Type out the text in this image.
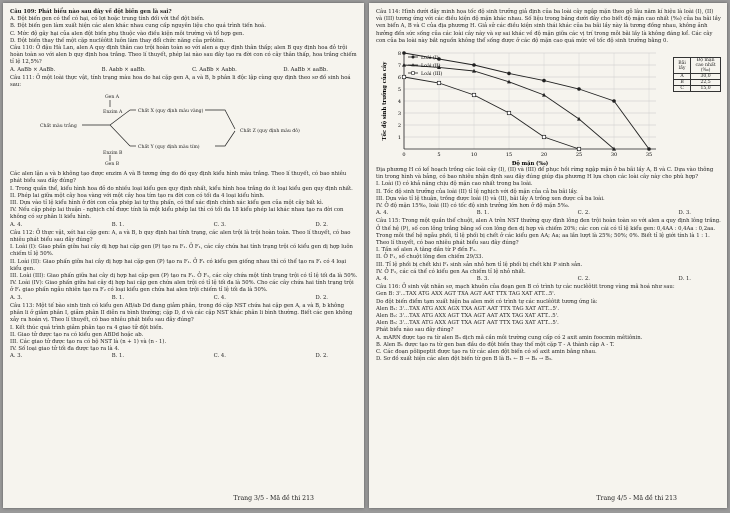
Câu 109: Phát biểu nào sau đây về đột biến gen là sai?

A. Đột biến gen có thể có hại, có lợi hoặc trung tính đối với thể đột biến.

B. Đột biến gen làm xuất hiện các alen khác nhau cung cấp nguyên liệu cho quá trình tiến hoá.

C. Mức độ gây hại của alen đột biến phụ thuộc vào điều kiện môi trường và tổ hợp gen.

D. Đột biến thay thế một cặp nuclêôtit luôn làm thay đổi chức năng của prôtêin.

Câu 110: Ở đậu Hà Lan, alen A quy định thân cao trội hoàn toàn so với alen a quy định thân thấp; alen B quy định hoa đỏ trội hoàn toàn so với alen b quy định hoa trắng. Theo lí thuyết, phép lai nào sau đây tạo ra đời con có cây thân thấp, hoa trắng chiếm tỉ lệ 12,5%?

A. AaBb × AaBb.	B. Aabb × aaBb.	C. AaBb × Aabb.	D. AaBb × aaBb.

Câu 111: Ở một loài thực vật, tính trạng màu hoa do hai cặp gen A, a và B, b phân li độc lập cùng quy định theo sơ đồ sinh hoá sau:

Gen A
Enzim A	Chất X (quy định màu vàng)
Chất Z (quy định màu đỏ)
Chất màu trắng
Chất Y (quy định màu tím)
Enzim B
Gen B

Các alen lặn a và b không tạo được enzim A và B tương ứng do đó quy định kiểu hình màu trắng. Theo lí thuyết, có bao nhiêu phát biểu sau đây đúng?

I. Trong quần thể, kiểu hình hoa đỏ do nhiều loại kiểu gen quy định nhất, kiểu hình hoa trắng do ít loại kiểu gen quy định nhất.

II. Phép lai giữa một cây hoa vàng với một cây hoa tím tạo ra đời con có tối đa 4 loại kiểu hình.

III. Dựa vào tỉ lệ kiểu hình ở đời con của phép lai tự thụ phấn, có thể xác định chính xác kiểu gen của một cây bất kì.

IV. Nếu cặp phép lai thuận - nghịch chỉ được tính là một kiểu phép lai thì có tối đa 18 kiểu phép lai khác nhau tạo ra đời con không có sự phân li kiểu hình.

A. 4.	B. 1.	C. 3.	D. 2.

Câu 112: Ở thực vật, xét hai cặp gen: A, a và B, b quy định hai tính trạng, các alen trội là trội hoàn toàn. Theo lí thuyết, có bao nhiêu phát biểu sau đây đúng?

I. Loài (I): Giao phấn giữa hai cây dị hợp hai cặp gen (P) tạo ra F₁. Ở F₁, các cây chứa hai tính trạng trội có kiểu gen dị hợp luôn chiếm tỉ lệ 50%.

II. Loài (II): Giao phấn giữa hai cây dị hợp hai cặp gen (P) tạo ra F₁. Ở F₁ có kiểu gen giống nhau thì có thể tạo ra F₁ có 4 loại kiểu gen.

III. Loài (III): Giao phấn giữa hai cây dị hợp hai cặp gen (P) tạo ra F₁. Ở F₁, các cây chứa một tính trạng trội có tỉ lệ tối đa là 50%.

IV. Loài (IV): Giao phấn giữa hai cây dị hợp hai cặp gen chứa alen trội có tỉ lệ tối đa là 50%. Cho các cây chứa hai tính trạng trội ở F₁ giao phấn ngẫu nhiên tạo ra F₂ có loại kiểu gen chứa hai alen trội chiếm tỉ lệ tối đa là 50%.

A. 3.	B. 1.	C. 4.	D. 2.

Câu 113: Một tế bào sinh tinh có kiểu gen AB/ab Dd đang giảm phân, trong đó cặp NST chứa hai cặp gen A, a và B, b không phân li ở giảm phân I, giảm phân II diễn ra bình thường; cặp D, d và các cặp NST khác phân li bình thường. Biết các gen không xảy ra hoán vị. Theo lí thuyết, có bao nhiêu phát biểu sau đây đúng?

I. Kết thúc quá trình giảm phân tạo ra 4 giao tử đột biến.

II. Giao tử được tạo ra có kiểu gen ABDd hoặc ab.

III. Các giao tử được tạo ra có bộ NST là (n + 1) và (n - 1).

IV. Số loại giao tử tối đa được tạo ra là 4.

A. 3.	B. 1.	C. 4.	D. 2.

Trang 3/5 - Mã đề thi 213

Câu 114: Hình dưới đây minh họa tốc độ sinh trưởng giả định của ba loài cây ngập mặn theo gỗ lâu năm kí hiệu là loài (I), (II) và (III) tương ứng với các điều kiện độ mặn khác nhau. Số liệu trong bảng dưới đây cho biết độ mặn cao nhất (‰) của ba bãi lầy ven biển A, B và C của địa phương H. Giả sử các điều kiện sinh thái khác của ba bãi lầy này là tương đồng nhau, không ảnh hưởng đến sức sống của các loài cây này và sự sai khác về độ mặn giữa các vị trí trong mỗi bãi lầy là không đáng kể. Các cây con của ba loài này bắt nguồn không thể sống được ở các độ mặn cao quá mức về tốc độ sinh trưởng bằng 0.

1
2
3
4
5
6
7
8
0	5	10	15	20	25	30	35
Độ mặn (‰)
Tốc độ sinh trưởng của cây
Loài (I)
Loài (II)
Loài (III)
Bãi lầy	Độ mặn cao nhất (‰)
A	30,0
B	22,5
C	15,0

Địa phương H có kế hoạch trồng các loài cây (I), (II) và (III) để phục hồi rừng ngập mặn ở ba bãi lầy A, B và C. Dựa vào thông tin trong hình và bảng, có bao nhiêu nhận định sau đây đúng giúp địa phương H lựa chọn các loài cây này cho phù hợp?

I. Loài (I) có khả năng chịu độ mặn cao nhất trong ba loài.

II. Tốc độ sinh trưởng của loài (II) tỉ lệ nghịch với độ mặn của cả ba bãi lầy.

III. Dựa vào tỉ lệ thuận, trồng được loài (I) và (II), bãi lầy A trồng xen được cả ba loài.

IV. Ở độ mặn 15‰, loài (II) có tốc độ sinh trưởng lớn hơn ở độ mặn 5‰.

A. 4.	B. 1.	C. 2.	D. 3.

Câu 115: Trong một quần thể chuột, alen A trên NST thường quy định lông đen trội hoàn toàn so với alen a quy định lông trắng. Ở thế hệ (P), số con lông trắng bằng số con lông đen dị hợp và chiếm 20%; các con cái có tỉ lệ kiểu gen: 0,4AA : 0,4Aa : 0,2aa. Trong mỗi thế hệ ngẫu phối, tỉ lệ phối bị chết ở các kiểu gen AA; Aa; aa lần lượt là 25%; 50%; 0%. Biết tỉ lệ giới tính là 1 : 1. Theo lí thuyết, có bao nhiêu phát biểu sau đây đúng?

I. Tần số alen A tăng dần từ P đến F₂.

II. Ở F₁, số chuột lông đen chiếm 29/33.

III. Tỉ lệ phối bị chết khi F₁ sinh sản nhỏ hơn tỉ lệ phối bị chết khi P sinh sản.

IV. Ở F₂, các cá thể có kiểu gen Aa chiếm tỉ lệ nhỏ nhất.

A. 4.	B. 3.	C. 2.	D. 1.

Câu 116: Ở sinh vật nhân sơ, mạch khuôn của đoạn gen B có trình tự các nuclêôtit trong vùng mã hoá như sau:

Gen B: 3'...TAX ATG AXX AGT TXA AGT AAT TTX TAG XAT ATT...5'.

Do đột biến điểm tạm xuất hiện ba alen mới có trình tự các nuclêôtit tương ứng là:

Alen B₁: 3'...TAX ATG AXX AGX TXA AGT AAT TTX TAG XAT ATT...5'.

Alen B₂: 3'...TAX ATG AXX AGT TXA AGT AAT ATX TAG XAT ATT...5'.

Alen B₃: 3'...TAX ATG AXX AGT TXA AGT AAT TTX TAG XAT ATT...5'.

Phát biểu nào sau đây đúng?

A. mARN được tạo ra từ alen B₃ dịch mã cần môi trường cung cấp có 2 axit amin foocmin mêtiônin.

B. Alen B₁ được tạo ra từ gen ban đầu do đột biến thay thế một cặp T - A thành cặp A - T.

C. Các đoạn pôlipeptit được tạo ra từ các alen đột biến có số axit amin bằng nhau.

D. Sơ đồ xuất hiện các alen đột biến từ gen B là B₁ ← B → B₂ → B₃.

Trang 4/5 - Mã đề thi 213
